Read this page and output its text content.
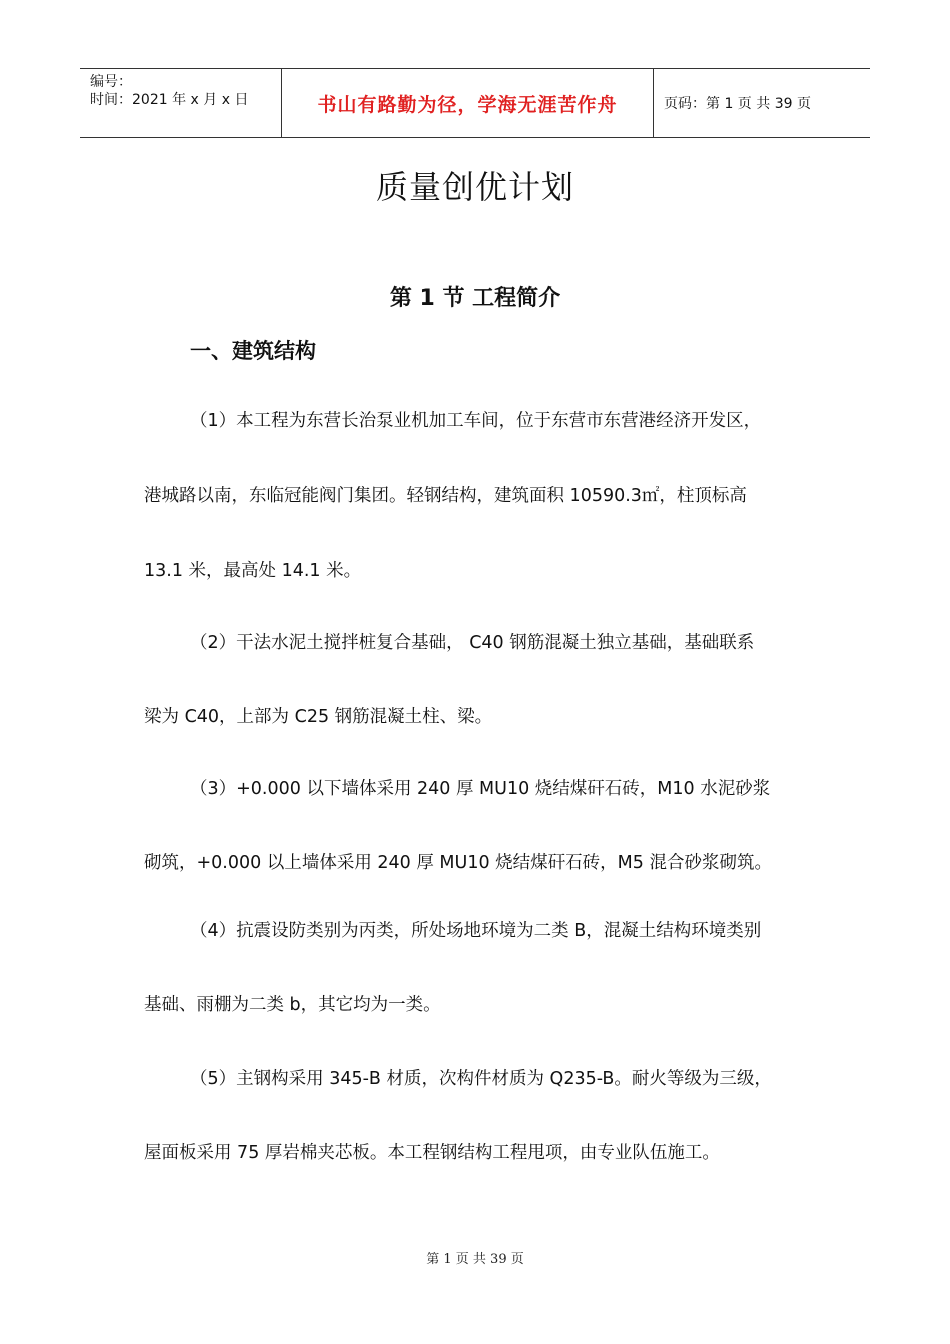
编号：
时间：2021 年 x 月 x 日	书山有路勤为径，学海无涯苦作舟	页码：第 1 页 共 39 页
质量创优计划
第 1 节 工程简介
一、建筑结构
（1）本工程为东营长治泵业机加工车间，位于东营市东营港经济开发区，
港城路以南，东临冠能阀门集团。轻钢结构，建筑面积 10590.3㎡，柱顶标高
13.1 米，最高处 14.1 米。
（2）干法水泥土搅拌桩复合基础， C40 钢筋混凝土独立基础，基础联系
梁为 C40，上部为 C25 钢筋混凝土柱、梁。
（3）+0.000 以下墙体采用 240 厚 MU10 烧结煤矸石砖，M10 水泥砂浆
砌筑，+0.000 以上墙体采用 240 厚 MU10 烧结煤矸石砖，M5 混合砂浆砌筑。
（4）抗震设防类别为丙类，所处场地环境为二类 B，混凝土结构环境类别
基础、雨棚为二类 b，其它均为一类。
（5）主钢构采用 345-B 材质，次构件材质为 Q235-B。耐火等级为三级，
屋面板采用 75 厚岩棉夹芯板。本工程钢结构工程甩项，由专业队伍施工。
第 1 页 共 39 页
